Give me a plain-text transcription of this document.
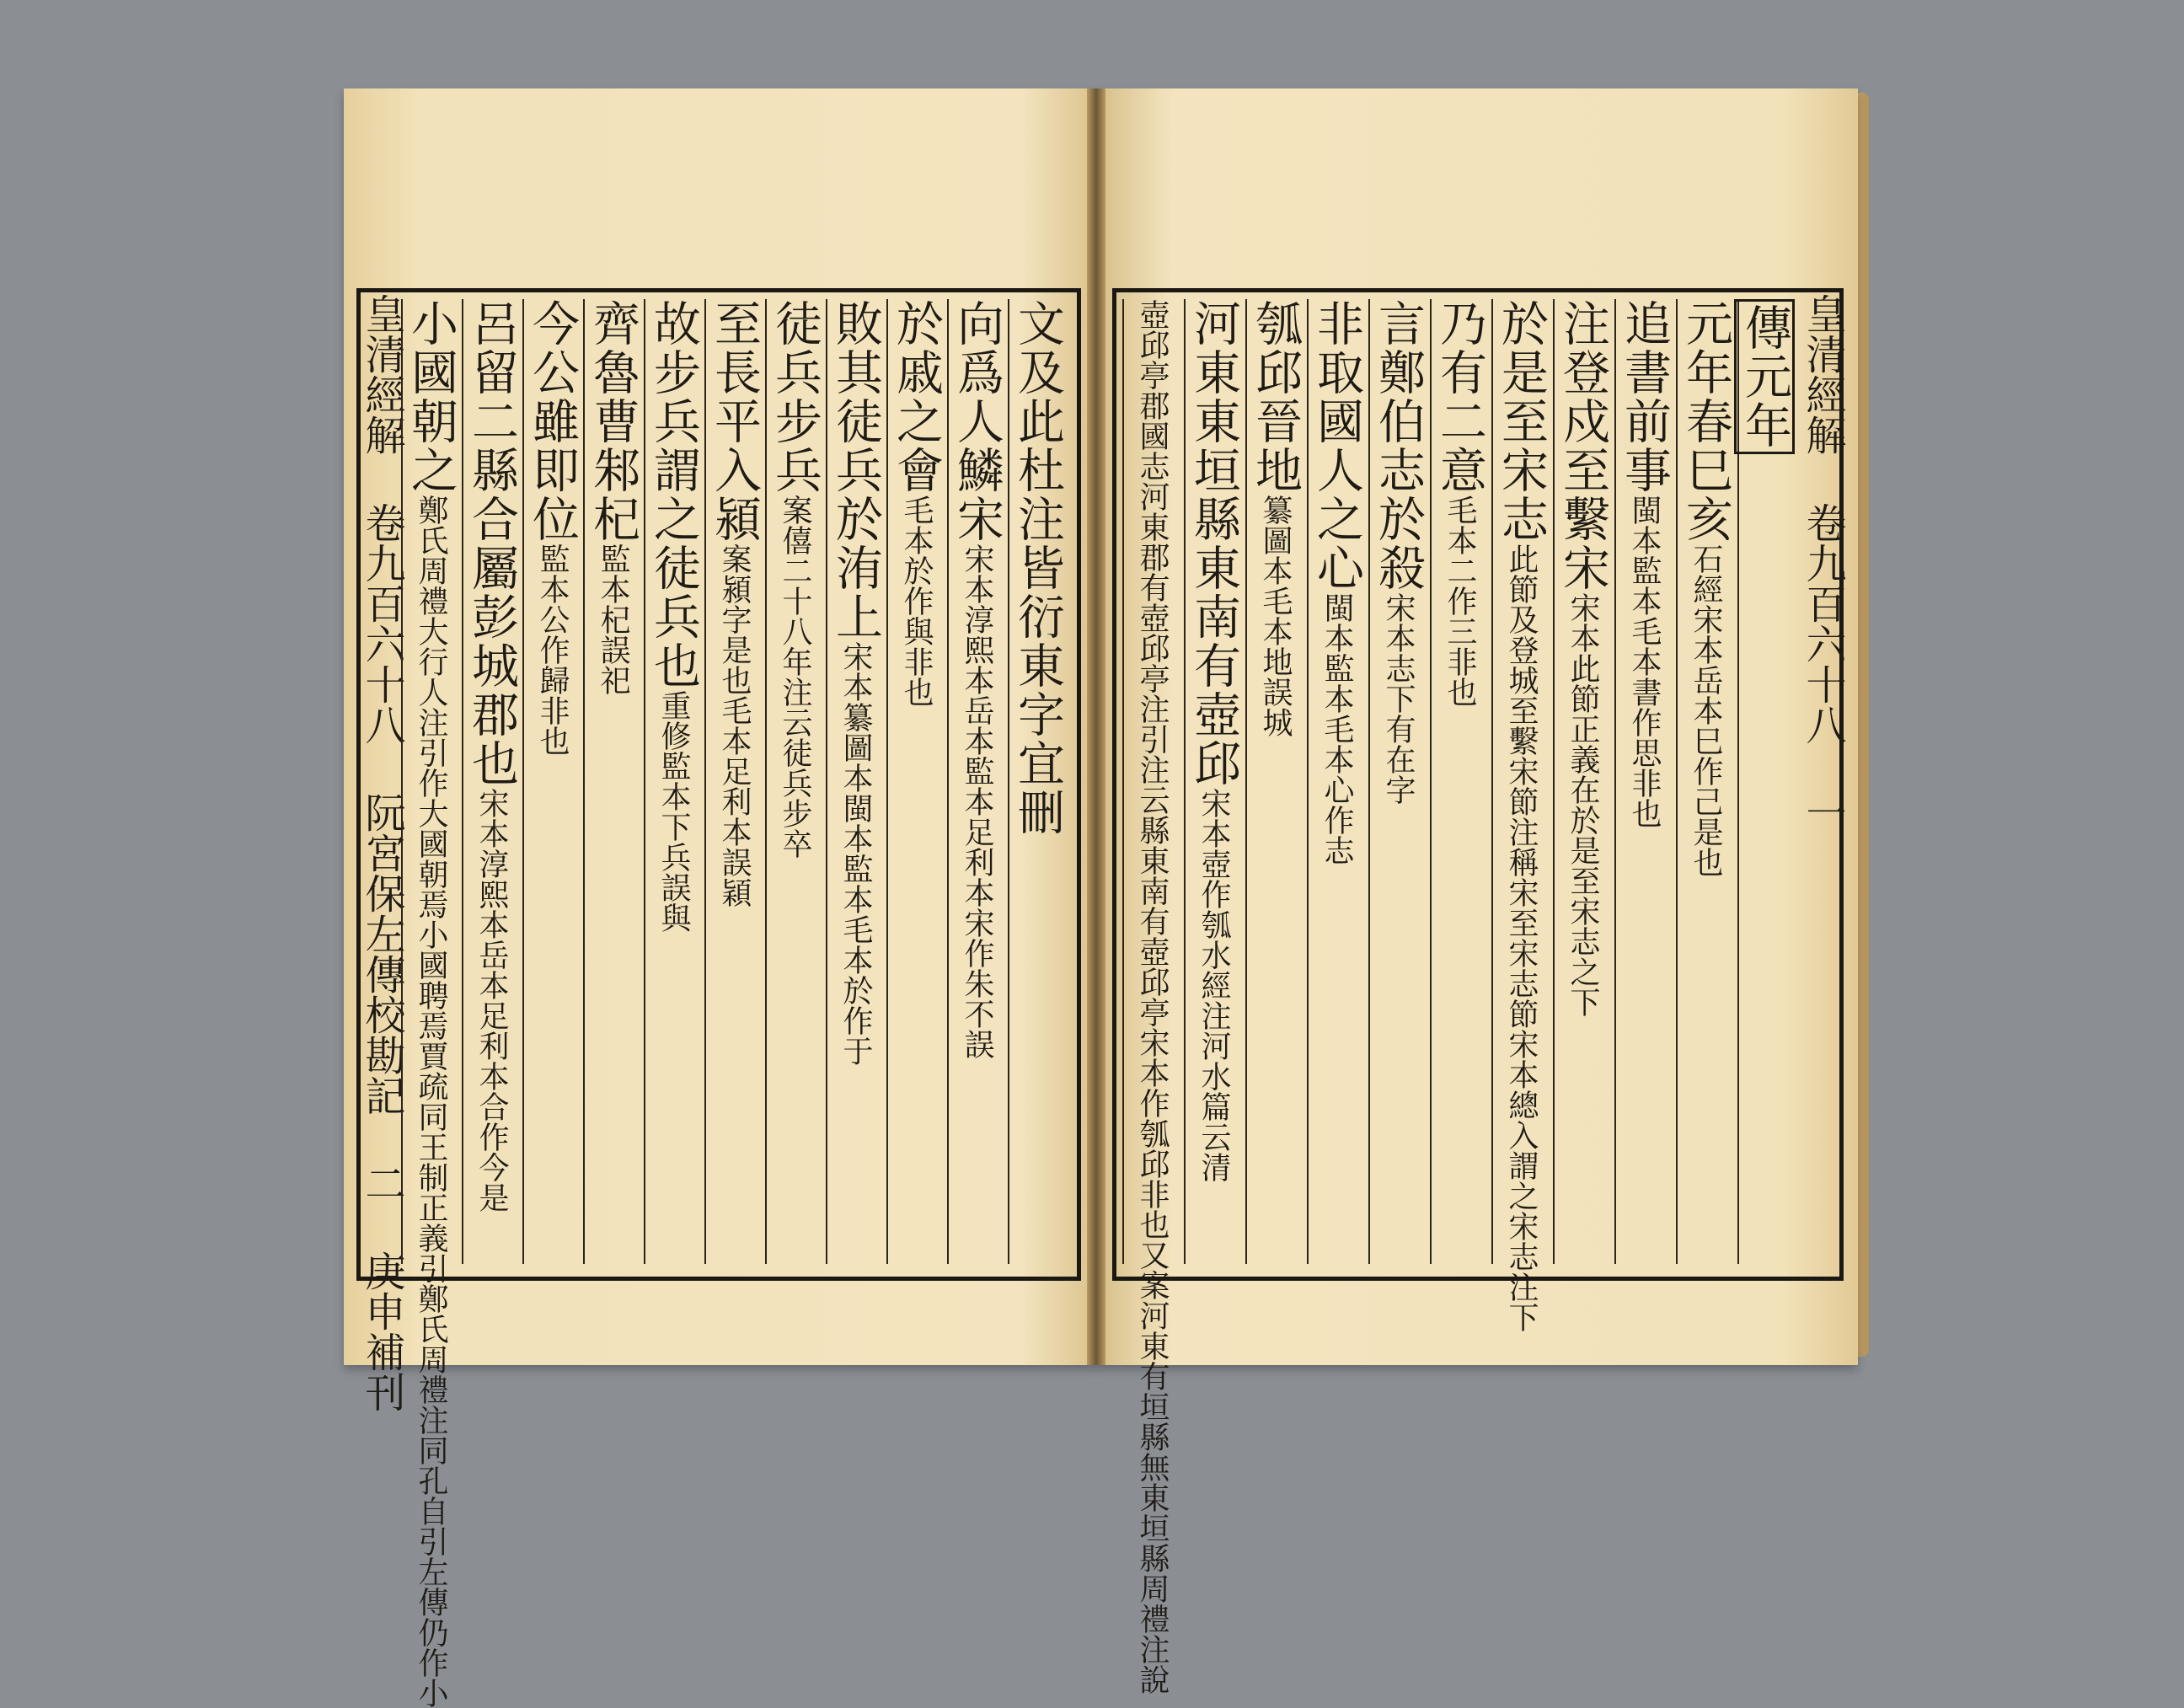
皇清經解 卷九百六十八 阮宮保左傳校勘記 二 庚申補刊	皇清經解 卷九百六十八 一
文及此杜注皆衍東字宜刪
向爲人鱗宋宋本淳熙本岳本監本足利本宋作朱不誤
於戚之會毛本於作與非也
敗其徒兵於洧上宋本纂圖本閩本監本毛本於作于
徒兵步兵案僖二十八年注云徒兵步卒
至長平入潁案潁字是也毛本足利本誤穎
故步兵謂之徒兵也重修監本下兵誤與
齊魯曹邾杞監本杞誤祀
今公雖即位監本公作歸非也
呂留二縣合屬彭城郡也宋本淳熙本岳本足利本合作今是
小國朝之鄭氏周禮大行人注引作大國朝焉小國聘焉賈疏同王制正義引鄭氏周禮注同孔自引左傳仍作小
傳元年
元年春巳亥石經宋本岳本巳作己是也
追書前事閩本監本毛本書作思非也
注登戍至繫宋宋本此節正義在於是至宋志之下
於是至宋志此節及登城至繫宋節注稱宋至宋志節宋本總入謂之宋志注下
乃有二意毛本二作三非也
言鄭伯志於殺宋本志下有在字
非取國人之心閩本監本毛本心作志
瓠邱晉地纂圖本毛本地誤城
河東東垣縣東南有壺邱宋本壺作瓠水經注河水篇云清
壺邱亭郡國志河東郡有壺邱亭注引注云縣東南有壺邱亭宋本作瓠邱非也又案河東有垣縣無東垣縣周禮注說
